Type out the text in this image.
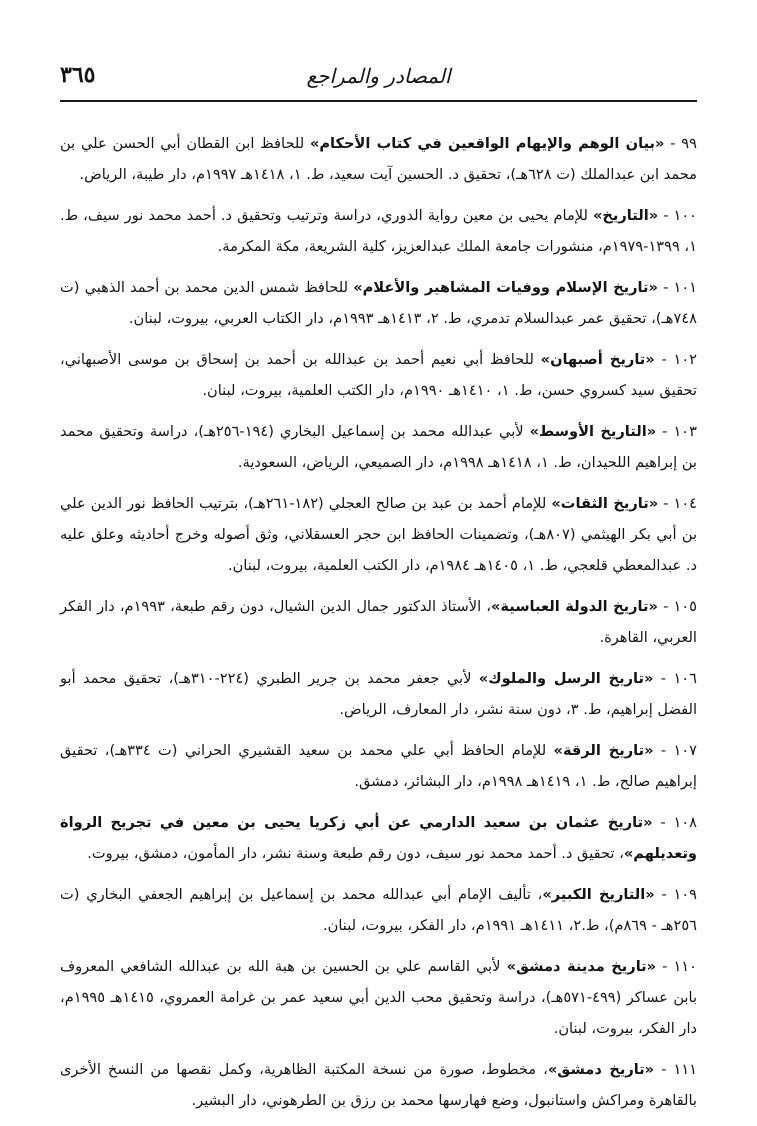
المصادر والمراجع
٣٦٥

٩٩ - «بيان الوهم والإيهام الواقعين في كتاب الأحكام» للحافظ ابن القطان أبي الحسن علي بن محمد ابن عبدالملك (ت ٦٢٨هـ)، تحقيق د. الحسين آيت سعيد، ط. ١، ١٤١٨هـ ١٩٩٧م، دار طيبة، الرياض.

١٠٠ - «التاريخ» للإمام يحيى بن معين رواية الدوري، دراسة وترتيب وتحقيق د. أحمد محمد نور سيف، ط. ١، ١٣٩٩-١٩٧٩م، منشورات جامعة الملك عبدالعزيز، كلية الشريعة، مكة المكرمة.

١٠١ - «تاريخ الإسلام ووفيات المشاهير والأعلام» للحافظ شمس الدين محمد بن أحمد الذهبي (ت ٧٤٨هـ)، تحقيق عمر عبدالسلام تدمري، ط. ٢، ١٤١٣هـ ١٩٩٣م، دار الكتاب العربي، بيروت، لبنان.

١٠٢ - «تاريخ أصبهان» للحافظ أبي نعيم أحمد بن عبدالله بن أحمد بن إسحاق بن موسى الأصبهاني، تحقيق سيد كسروي حسن، ط. ١، ١٤١٠هـ ١٩٩٠م، دار الكتب العلمية، بيروت، لبنان.

١٠٣ - «التاريخ الأوسط» لأبي عبدالله محمد بن إسماعيل البخاري (١٩٤-٢٥٦هـ)، دراسة وتحقيق محمد بن إبراهيم اللحيدان، ط. ١، ١٤١٨هـ ١٩٩٨م، دار الصميعي، الرياض، السعودية.

١٠٤ - «تاريخ الثقات» للإمام أحمد بن عبد بن صالح العجلي (١٨٢-٢٦١هـ)، بترتيب الحافظ نور الدين علي بن أبي بكر الهيثمي (٨٠٧هـ)، وتضمينات الحافظ ابن حجر العسقلاني، وثق أصوله وخرج أحاديثه وعلق عليه د. عبدالمعطي قلعجي، ط. ١، ١٤٠٥هـ ١٩٨٤م، دار الكتب العلمية، بيروت، لبنان.

١٠٥ - «تاريخ الدولة العباسية»، الأستاذ الدكتور جمال الدين الشيال، دون رقم طبعة، ١٩٩٣م، دار الفكر العربي، القاهرة.

١٠٦ - «تاريخ الرسل والملوك» لأبي جعفر محمد بن جرير الطبري (٢٢٤-٣١٠هـ)، تحقيق محمد أبو الفضل إبراهيم، ط. ٣، دون سنة نشر، دار المعارف، الرياض.

١٠٧ - «تاريخ الرقة» للإمام الحافظ أبي علي محمد بن سعيد القشيري الحراني (ت ٣٣٤هـ)، تحقيق إبراهيم صالح، ط. ١، ١٤١٩هـ ١٩٩٨م، دار البشائر، دمشق.

١٠٨ - «تاريخ عثمان بن سعيد الدارمي عن أبي زكريا يحيى بن معين في تجريح الرواة وتعديلهم»، تحقيق د. أحمد محمد نور سيف، دون رقم طبعة وسنة نشر، دار المأمون، دمشق، بيروت.

١٠٩ - «التاريخ الكبير»، تأليف الإمام أبي عبدالله محمد بن إسماعيل بن إبراهيم الجعفي البخاري (ت ٢٥٦هـ - ٨٦٩م)، ط.٢، ١٤١١هـ ١٩٩١م، دار الفكر، بيروت، لبنان.

١١٠ - «تاريخ مدينة دمشق» لأبي القاسم علي بن الحسين بن هبة الله بن عبدالله الشافعي المعروف بابن عساكر (٤٩٩-٥٧١هـ)، دراسة وتحقيق محب الدين أبي سعيد عمر بن غرامة العمروي، ١٤١٥هـ ١٩٩٥م، دار الفكر، بيروت، لبنان.

١١١ - «تاريخ دمشق»، مخطوط، صورة من نسخة المكتبة الظاهرية، وكمل نقصها من النسخ الأخرى بالقاهرة ومراكش واستانبول، وضع فهارسها محمد بن رزق بن الطرهوني، دار البشير.
